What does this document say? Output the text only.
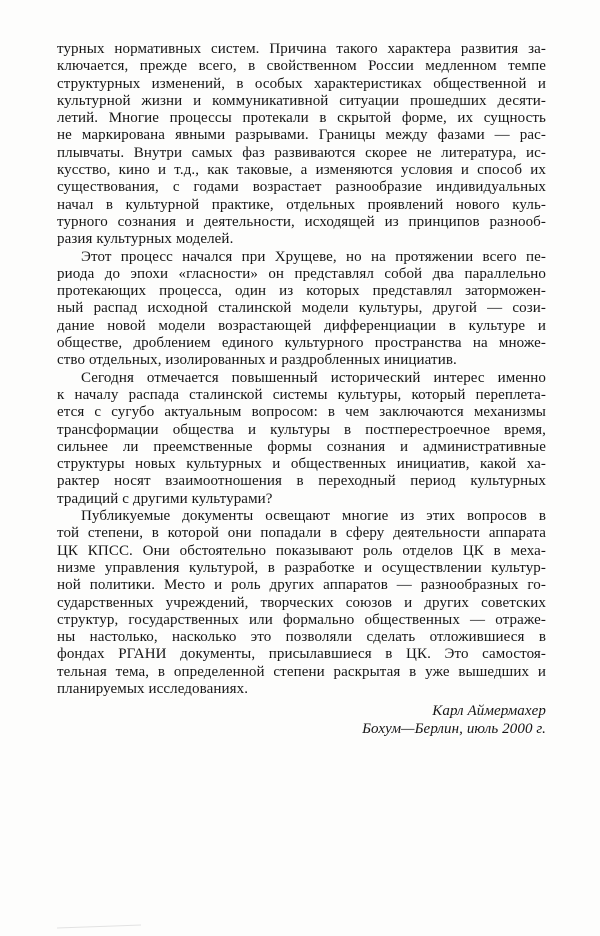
турных нормативных систем. Причина такого характера развития за-
ключается, прежде всего, в свойственном России медленном темпе
структурных изменений, в особых характеристиках общественной и
культурной жизни и коммуникативной ситуации прошедших десяти-
летий. Многие процессы протекали в скрытой форме, их сущность
не маркирована явными разрывами. Границы между фазами — рас-
плывчаты. Внутри самых фаз развиваются скорее не литература, ис-
кусство, кино и т.д., как таковые, а изменяются условия и способ их
существования, с годами возрастает разнообразие индивидуальных
начал в культурной практике, отдельных проявлений нового куль-
турного сознания и деятельности, исходящей из принципов разнооб-
разия культурных моделей.
Этот процесс начался при Хрущеве, но на протяжении всего пе-
риода до эпохи «гласности» он представлял собой два параллельно
протекающих процесса, один из которых представлял заторможен-
ный распад исходной сталинской модели культуры, другой — сози-
дание новой модели возрастающей дифференциации в культуре и
обществе, дроблением единого культурного пространства на множе-
ство отдельных, изолированных и раздробленных инициатив.
Сегодня отмечается повышенный исторический интерес именно
к началу распада сталинской системы культуры, который переплета-
ется с сугубо актуальным вопросом: в чем заключаются механизмы
трансформации общества и культуры в постперестроечное время,
сильнее ли преемственные формы сознания и административные
структуры новых культурных и общественных инициатив, какой ха-
рактер носят взаимоотношения в переходный период культурных
традиций с другими культурами?
Публикуемые документы освещают многие из этих вопросов в
той степени, в которой они попадали в сферу деятельности аппарата
ЦК КПСС. Они обстоятельно показывают роль отделов ЦК в меха-
низме управления культурой, в разработке и осуществлении культур-
ной политики. Место и роль других аппаратов — разнообразных го-
сударственных учреждений, творческих союзов и других советских
структур, государственных или формально общественных — отраже-
ны настолько, насколько это позволяли сделать отложившиеся в
фондах РГАНИ документы, присылавшиеся в ЦК. Это самостоя-
тельная тема, в определенной степени раскрытая в уже вышедших и
планируемых исследованиях.
Карл Аймермахер
Бохум—Берлин, июль 2000 г.
